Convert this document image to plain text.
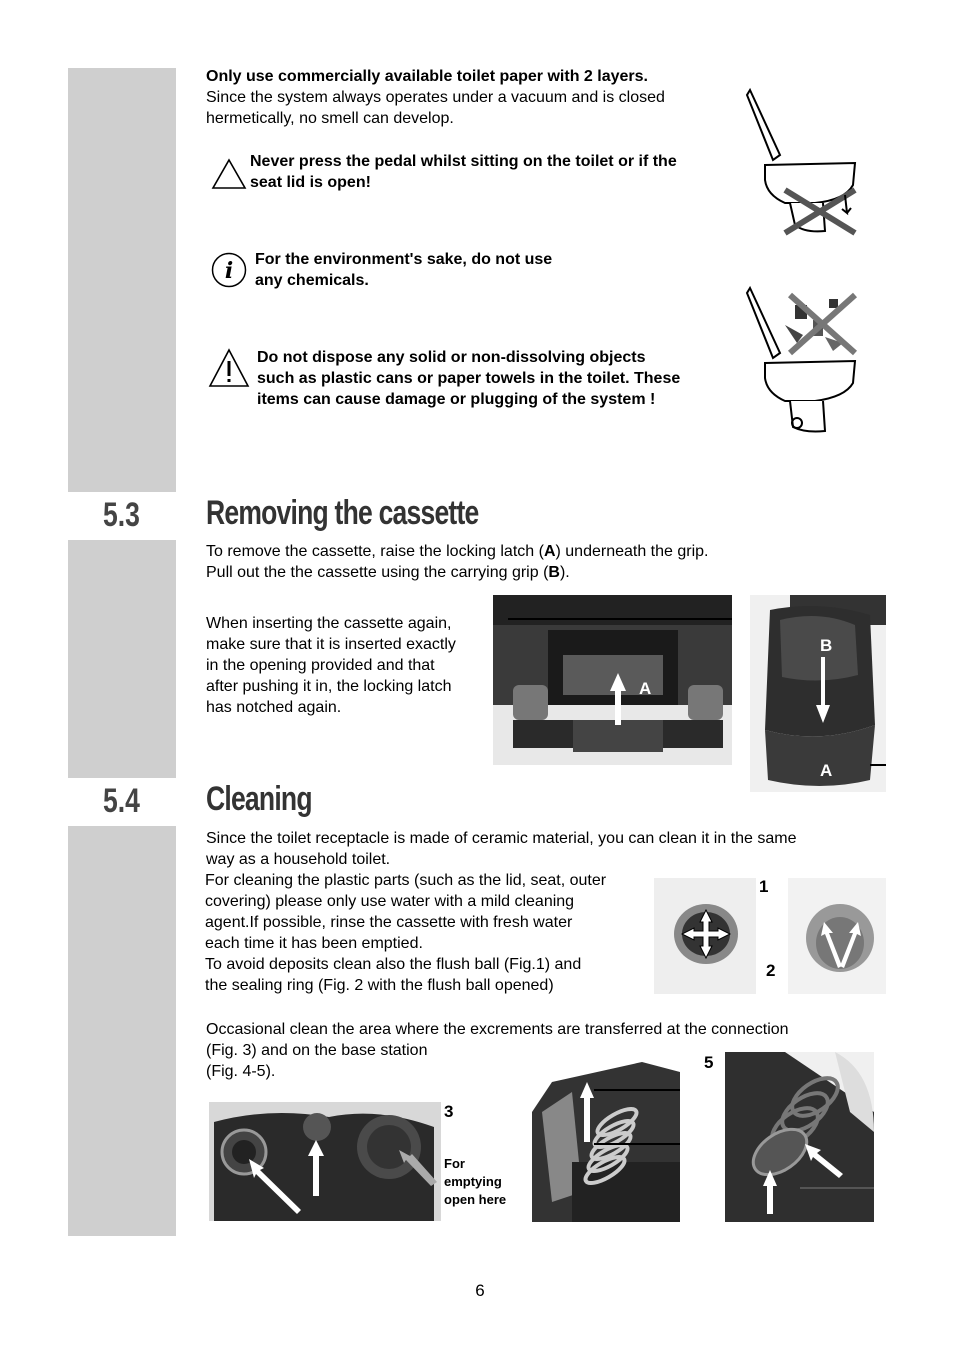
Only use commercially available toilet paper with 2 layers.
Since the system always operates under a vacuum and is closed
hermetically, no smell can develop.
Never press the pedal whilst sitting on the toilet or if the
seat lid is open!
i For the environment's sake, do not use
any chemicals.
Do not dispose any solid or non-dissolving objects
such as plastic cans or paper towels in the toilet. These
items can cause damage or plugging of the system !
5.3 Removing the cassette
To remove the cassette, raise the locking latch (A) underneath the grip.
Pull out the the cassette using the carrying grip (B).
When inserting the cassette again,
make sure that it is inserted exactly
in the opening provided and that
after pushing it in, the locking latch
has notched again.
A
B
A
5.4 Cleaning
Since the toilet receptacle is made of ceramic material, you can clean it in the same
way as a household toilet.
For cleaning the plastic parts (such as the lid, seat, outer
covering) please only use water with a mild cleaning
agent.If possible, rinse the cassette with fresh water
each time it has been emptied.
To avoid deposits clean also the flush ball (Fig.1) and
the sealing ring (Fig. 2 with the flush ball opened)
1
2
Occasional clean the area where the excrements are transferred at the connection
(Fig. 3) and on the base station
(Fig. 4-5).
3
For
emptying
open here
5
6
